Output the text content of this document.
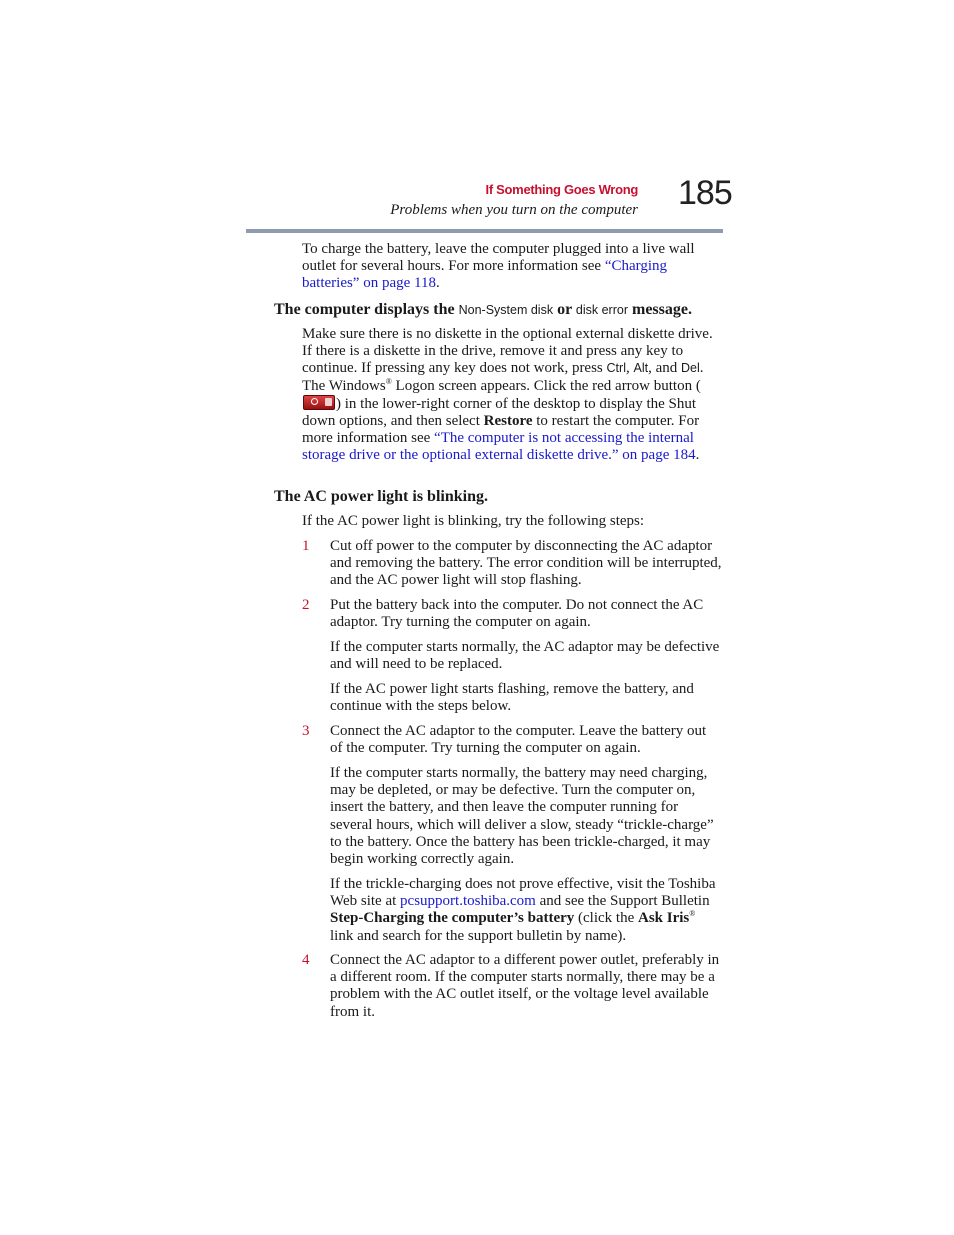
If Something Goes Wrong
Problems when you turn on the computer 185

To charge the battery, leave the computer plugged into a live wall outlet for several hours. For more information see “Charging batteries” on page 118.

The computer displays the Non-System disk or disk error message.

Make sure there is no diskette in the optional external diskette drive. If there is a diskette in the drive, remove it and press any key to continue. If pressing any key does not work, press Ctrl, Alt, and Del. The Windows® Logon screen appears. Click the red arrow button (
) in the lower-right corner of the desktop to display the Shut down options, and then select Restore to restart the computer. For more information see “The computer is not accessing the internal storage drive or the optional external diskette drive.” on page 184.

The AC power light is blinking.

If the AC power light is blinking, try the following steps:

1 Cut off power to the computer by disconnecting the AC adaptor and removing the battery. The error condition will be interrupted, and the AC power light will stop flashing.

2 Put the battery back into the computer. Do not connect the AC adaptor. Try turning the computer on again.

If the computer starts normally, the AC adaptor may be defective and will need to be replaced.

If the AC power light starts flashing, remove the battery, and continue with the steps below.

3 Connect the AC adaptor to the computer. Leave the battery out of the computer. Try turning the computer on again.

If the computer starts normally, the battery may need charging, may be depleted, or may be defective. Turn the computer on, insert the battery, and then leave the computer running for several hours, which will deliver a slow, steady “trickle-charge” to the battery. Once the battery has been trickle-charged, it may begin working correctly again.

If the trickle-charging does not prove effective, visit the Toshiba Web site at pcsupport.toshiba.com and see the Support Bulletin Step-Charging the computer’s battery (click the Ask Iris® link and search for the support bulletin by name).

4 Connect the AC adaptor to a different power outlet, preferably in a different room. If the computer starts normally, there may be a problem with the AC outlet itself, or the voltage level available from it.
